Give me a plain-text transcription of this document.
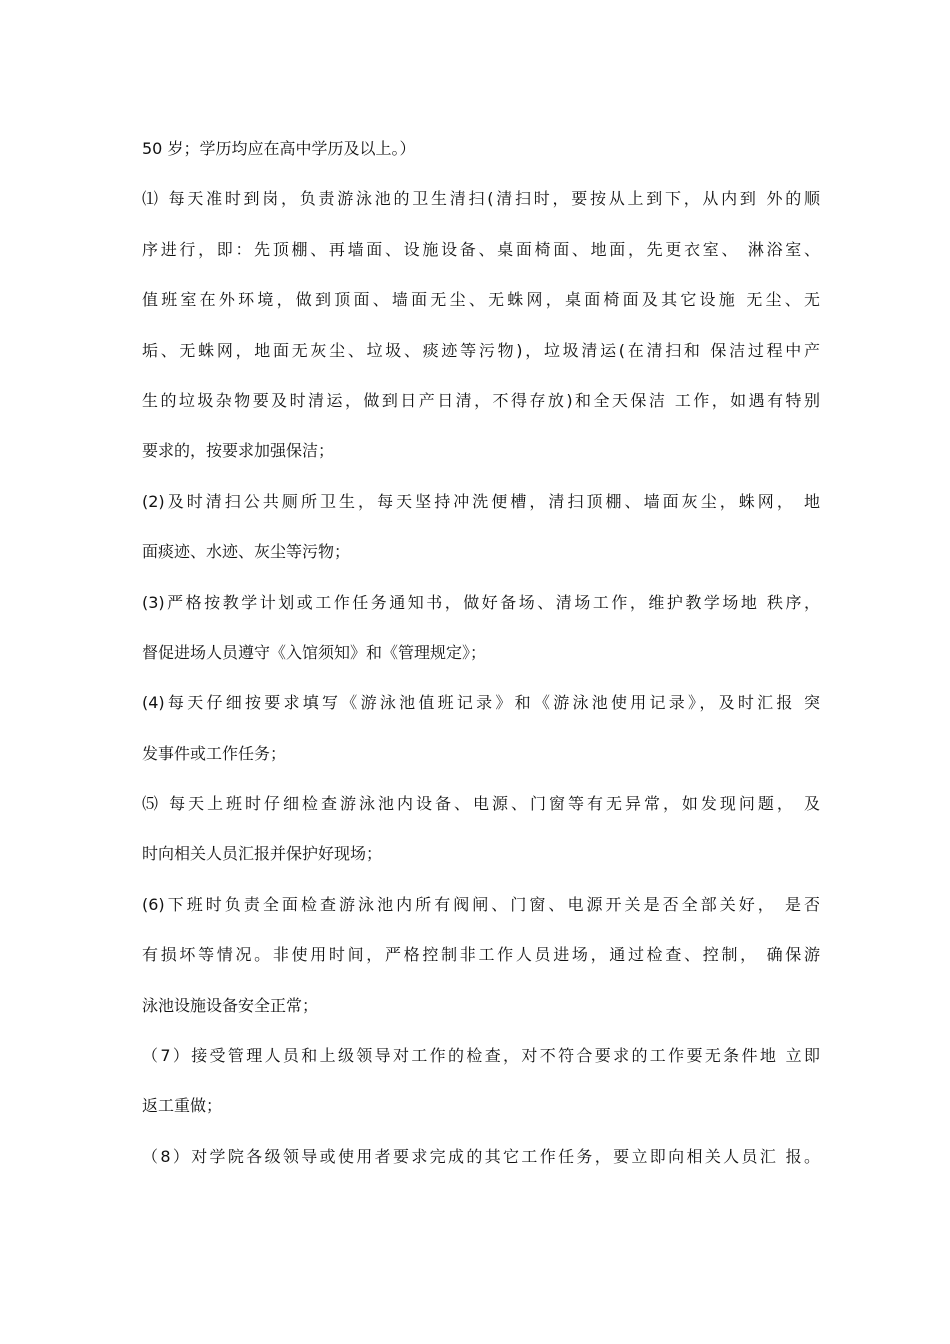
50 岁；学历均应在高中学历及以上。）
⑴ 每天准时到岗，负责游泳池的卫生清扫(清扫时，要按从上到下，从内到 外的顺
序进行，即：先顶棚、再墙面、设施设备、桌面椅面、地面，先更衣室、 淋浴室、
值班室在外环境，做到顶面、墙面无尘、无蛛网，桌面椅面及其它设施 无尘、无
垢、无蛛网，地面无灰尘、垃圾、痰迹等污物)，垃圾清运(在清扫和 保洁过程中产
生的垃圾杂物要及时清运，做到日产日清，不得存放)和全天保洁 工作，如遇有特别
要求的，按要求加强保洁；
(2)及时清扫公共厕所卫生，每天坚持冲洗便槽，清扫顶棚、墙面灰尘，蛛网， 地
面痰迹、水迹、灰尘等污物；
(3)严格按教学计划或工作任务通知书，做好备场、清场工作，维护教学场地 秩序，
督促进场人员遵守《入馆须知》和《管理规定》；
(4)每天仔细按要求填写《游泳池值班记录》和《游泳池使用记录》，及时汇报 突
发事件或工作任务；
⑸ 每天上班时仔细检查游泳池内设备、电源、门窗等有无异常，如发现问题， 及
时向相关人员汇报并保护好现场；
(6)下班时负责全面检查游泳池内所有阀闸、门窗、电源开关是否全部关好， 是否
有损坏等情况。非使用时间，严格控制非工作人员进场，通过检查、控制， 确保游
泳池设施设备安全正常；
（7）接受管理人员和上级领导对工作的检查，对不符合要求的工作要无条件地 立即
返工重做；
（8）对学院各级领导或使用者要求完成的其它工作任务，要立即向相关人员汇 报。
